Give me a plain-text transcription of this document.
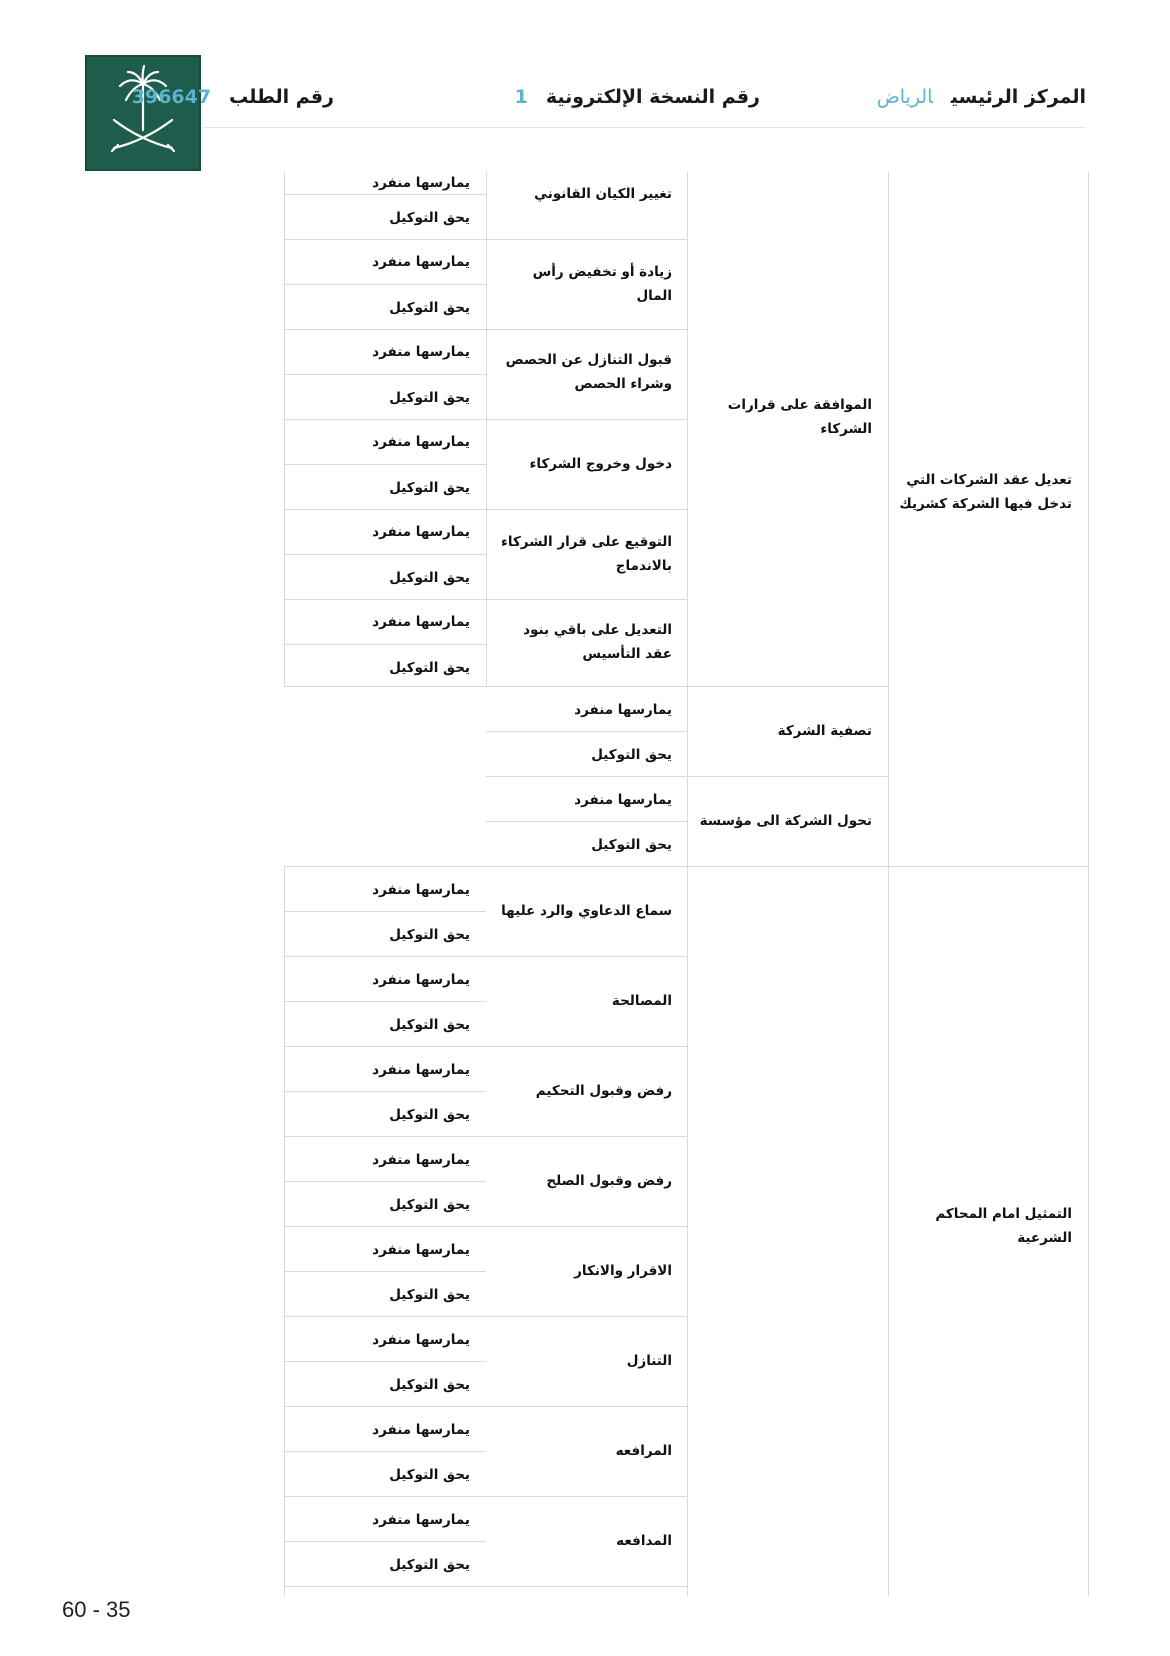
المركز الرئيسيالرياض
رقم النسخة الإلكترونية1
رقم الطلب396647
تعديل عقد الشركات التي تدخل فيها الشركة كشريك
التمثيل امام المحاكم الشرعية
الموافقة على قرارات الشركاء
تصفية الشركة
تحول الشركة الى مؤسسة
تغيير الكيان القانوني
يمارسها منفرد
يحق التوكيل
زيادة أو تخفيض رأس المال
يمارسها منفرد
يحق التوكيل
قبول التنازل عن الحصص وشراء الحصص
يمارسها منفرد
يحق التوكيل
دخول وخروج الشركاء
يمارسها منفرد
يحق التوكيل
التوقيع على قرار الشركاء بالاندماج
يمارسها منفرد
يحق التوكيل
التعديل على باقي بنود عقد التأسيس
يمارسها منفرد
يحق التوكيل
يمارسها منفرد
يحق التوكيل
يمارسها منفرد
يحق التوكيل
سماع الدعاوي والرد عليها
يمارسها منفرد
يحق التوكيل
المصالحة
يمارسها منفرد
يحق التوكيل
رفض وقبول التحكيم
يمارسها منفرد
يحق التوكيل
رفض وقبول الصلح
يمارسها منفرد
يحق التوكيل
الاقرار والانكار
يمارسها منفرد
يحق التوكيل
التنازل
يمارسها منفرد
يحق التوكيل
المرافعه
يمارسها منفرد
يحق التوكيل
المدافعه
يمارسها منفرد
يحق التوكيل
60 - 35
